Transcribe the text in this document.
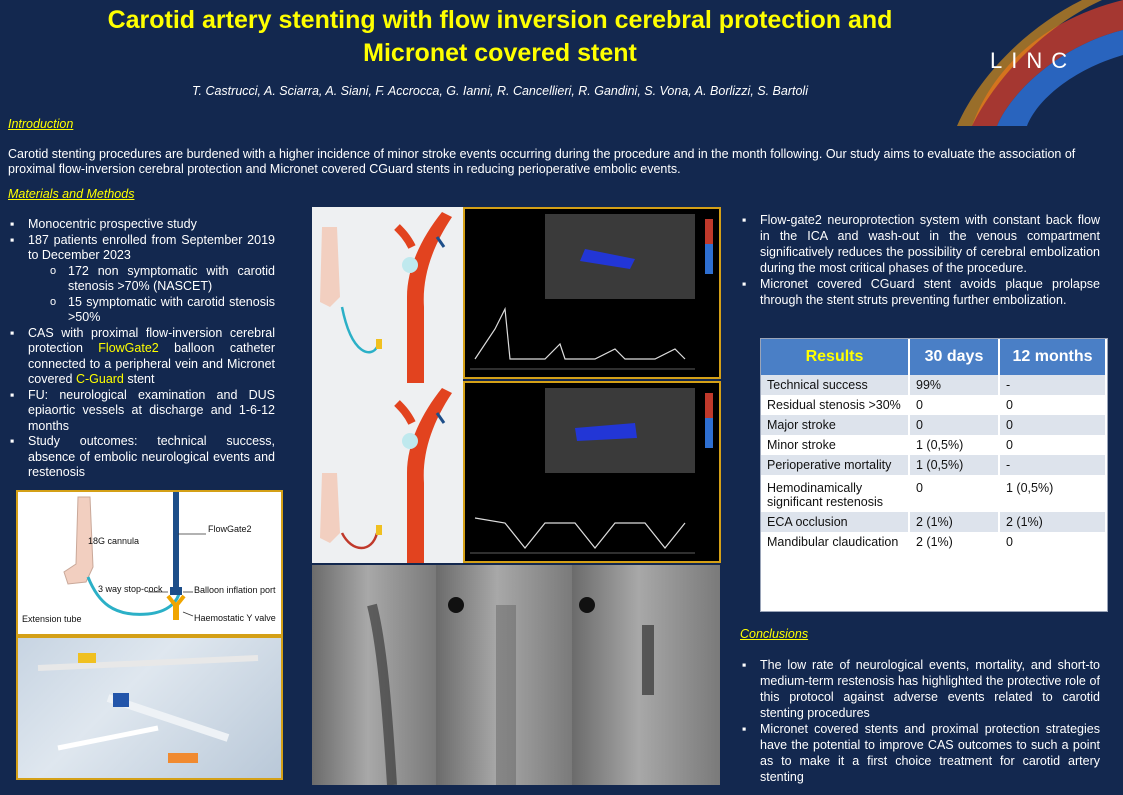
Carotid artery stenting with flow inversion cerebral protection and
Micronet covered stent	LINC
T. Castrucci, A. Sciarra, A. Siani, F. Accrocca, G. Ianni, R. Cancellieri, R. Gandini, S. Vona, A. Borlizzi, S. Bartoli
Introduction
Carotid stenting procedures are burdened with a higher incidence of minor stroke events occurring during the procedure and in the month following. Our study aims to evaluate the association of proximal flow-inversion cerebral protection and Micronet covered CGuard stents in reducing perioperative embolic events.
Materials and Methods
▪ Monocentric prospective study
▪ 187 patients enrolled from September 2019 to December 2023
o 172 non symptomatic with carotid stenosis >70% (NASCET)
o 15 symptomatic with carotid stenosis >50%
▪ CAS with proximal flow-inversion cerebral protection FlowGate2 balloon catheter connected to a peripheral vein and Micronet covered C-Guard stent
▪ FU: neurological examination and DUS epiaortic vessels at discharge and 1-6-12 months
▪ Study outcomes: technical success, absence of embolic neurological events and restenosis
18G cannula
FlowGate2
3 way stop-cock	Balloon inflation port
Extension tube	Haemostatic Y valve
▪ Flow-gate2 neuroprotection system with constant back flow in the ICA and wash-out in the venous compartment significatively reduces the possibility of cerebral embolization during the most critical phases of the procedure.
▪ Micronet covered CGuard stent avoids plaque prolapse through the stent struts preventing further embolization.
Results	30 days	12 months
Technical success	99%	-
Residual stenosis >30%	0	0
Major stroke	0	0
Minor stroke	1 (0,5%)	0
Perioperative mortality	1 (0,5%)	-
Hemodinamically significant restenosis	0	1 (0,5%)
ECA occlusion	2 (1%)	2 (1%)
Mandibular claudication	2 (1%)	0
Conclusions
▪ The low rate of neurological events, mortality, and short-to medium-term restenosis has highlighted the protective role of this protocol against adverse events related to carotid stenting procedures
▪ Micronet covered stents and proximal protection strategies have the potential to improve CAS outcomes to such a point as to make it a first choice treatment for carotid artery stenting
